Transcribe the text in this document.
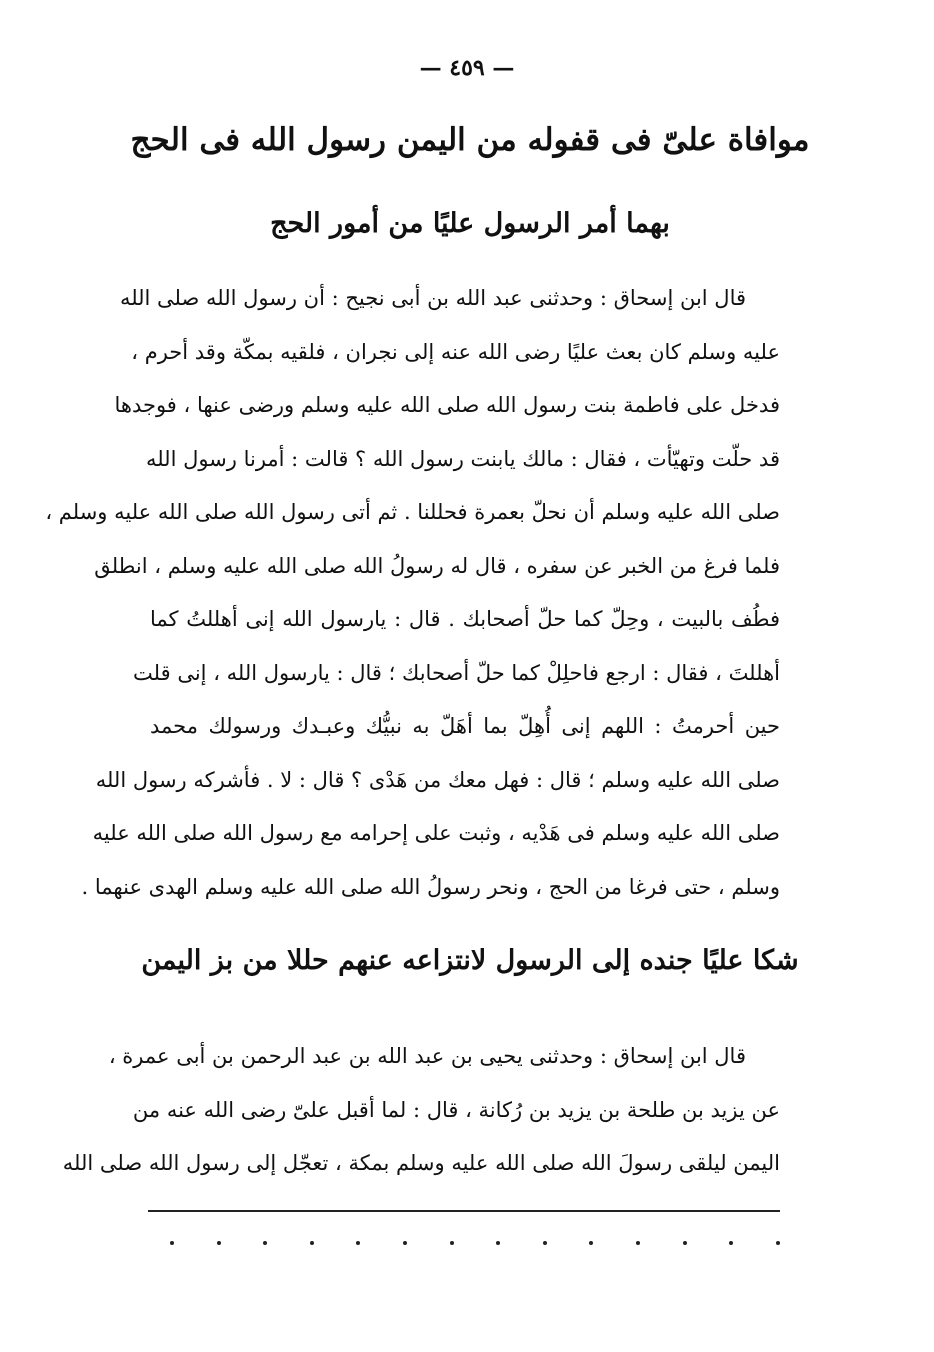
— ٤٥٩ —
موافاة علىّ فى قفوله من اليمن رسول الله فى الحج
بهما أمر الرسول عليًا من أمور الحج
قال ابن إسحاق : وحدثنى عبد الله بن أبى نجيح : أن رسول الله صلى الله
عليه وسلم كان بعث عليًا رضى الله عنه إلى نجران ، فلقيه بمكّة وقد أحرم ،
فدخل على فاطمة بنت رسول الله صلى الله عليه وسلم ورضى عنها ، فوجدها
قد حلّت وتهيّأت ، فقال : مالك يابنت رسول الله ؟ قالت : أمرنا رسول الله
صلى الله عليه وسلم أن نحلّ بعمرة فحللنا . ثم أتى رسول الله صلى الله عليه وسلم ،
فلما فرغ من الخبر عن سفره ، قال له رسولُ الله صلى الله عليه وسلم ، انطلق
فطُف بالبيت ، وحِلّ كما حلّ أصحابك . قال : يارسول الله إنى أهللتُ كما
أهللتَ ، فقال : ارجع فاحلِلْ كما حلّ أصحابك ؛ قال : يارسول الله ، إنى قلت
حين أحرمتُ : اللهم إنى أُهِلّ بما أهَلّ به نبيُّك وعبـدك ورسولك محمد
صلى الله عليه وسلم ؛ قال : فهل معك من هَدْى ؟ قال : لا . فأشركه رسول الله
صلى الله عليه وسلم فى هَدْيه ، وثبت على إحرامه مع رسول الله صلى الله عليه
وسلم ، حتى فرغا من الحج ، ونحر رسولُ الله صلى الله عليه وسلم الهدى عنهما .
شكا عليًا جنده إلى الرسول لانتزاعه عنهم حللا من بز اليمن
قال ابن إسحاق : وحدثنى يحيى بن عبد الله بن عبد الرحمن بن أبى عمرة ،
عن يزيد بن طلحة بن يزيد بن رُكانة ، قال : لما أقبل علىّ رضى الله عنه من
اليمن ليلقى رسولَ الله صلى الله عليه وسلم بمكة ، تعجّل إلى رسول الله صلى الله
